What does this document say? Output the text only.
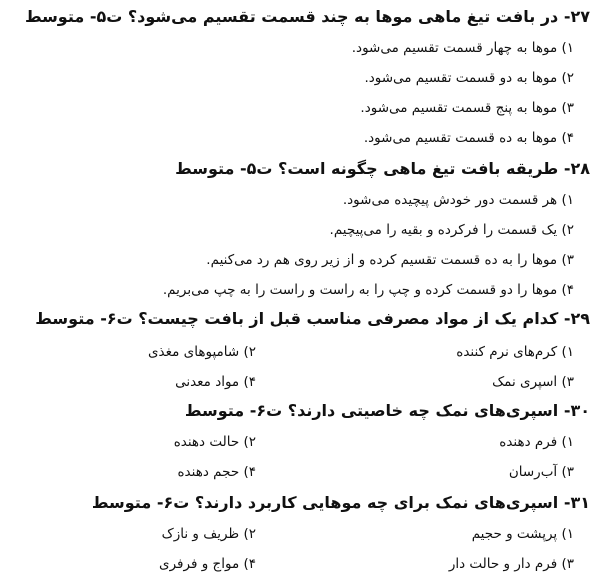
۲۷- در بافت تیغ ماهی موها به چند قسمت تقسیم می‌شود؟ ت۵- متوسط
۱) موها به چهار قسمت تقسیم می‌شود.
۲) موها به دو قسمت تقسیم می‌شود.
۳) موها به پنج قسمت تقسیم می‌شود.
۴) موها به ده قسمت تقسیم می‌شود.
۲۸- طریقه بافت تیغ ماهی چگونه است؟ ت۵- متوسط
۱) هر قسمت دور خودش پیچیده می‌شود.
۲) یک قسمت را فرکرده و بقیه را می‌پیچیم.
۳) موها را به ده قسمت تقسیم کرده و از زیر روی هم رد می‌کنیم.
۴) موها را دو قسمت کرده و چپ را به راست و راست را به چپ می‌بریم.
۲۹- کدام یک از مواد مصرفی مناسب قبل از بافت چیست؟ ت۶- متوسط
۱) کرم‌های نرم کننده
۲) شامپوهای مغذی
۳) اسپری نمک
۴) مواد معدنی
۳۰- اسپری‌های نمک چه خاصیتی دارند؟ ت۶- متوسط
۱) فرم دهنده
۲) حالت دهنده
۳) آب‌رسان
۴) حجم دهنده
۳۱- اسپری‌های نمک برای چه موهایی کاربرد دارند؟ ت۶- متوسط
۱) پرپشت و حجیم
۲) ظریف و نازک
۳) فرم دار و حالت دار
۴) مواج و فرفری
